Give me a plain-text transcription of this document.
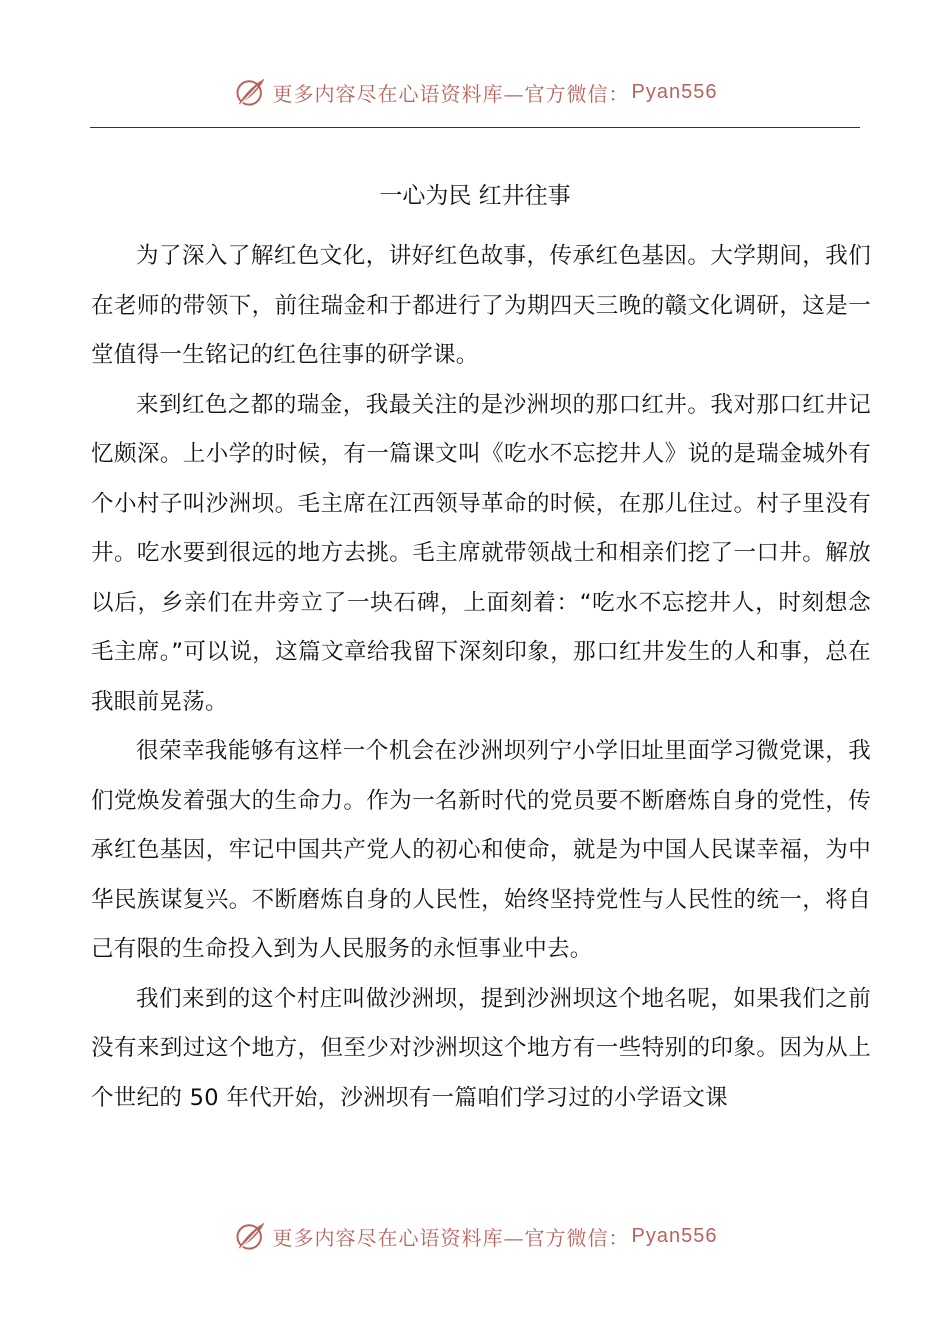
更多内容尽在心语资料库—官方微信： Pyan556
一心为民 红井往事

为了深入了解红色文化，讲好红色故事，传承红色基因。大学期间，我们在老师的带领下，前往瑞金和于都进行了为期四天三晚的赣文化调研，这是一堂值得一生铭记的红色往事的研学课。

来到红色之都的瑞金，我最关注的是沙洲坝的那口红井。我对那口红井记忆颇深。上小学的时候，有一篇课文叫《吃水不忘挖井人》说的是瑞金城外有个小村子叫沙洲坝。毛主席在江西领导革命的时候，在那儿住过。村子里没有井。吃水要到很远的地方去挑。毛主席就带领战士和相亲们挖了一口井。解放以后，乡亲们在井旁立了一块石碑，上面刻着：“吃水不忘挖井人，时刻想念毛主席。”可以说，这篇文章给我留下深刻印象，那口红井发生的人和事，总在我眼前晃荡。

很荣幸我能够有这样一个机会在沙洲坝列宁小学旧址里面学习微党课，我们党焕发着强大的生命力。作为一名新时代的党员要不断磨炼自身的党性，传承红色基因，牢记中国共产党人的初心和使命，就是为中国人民谋幸福，为中华民族谋复兴。不断磨炼自身的人民性，始终坚持党性与人民性的统一，将自己有限的生命投入到为人民服务的永恒事业中去。

我们来到的这个村庄叫做沙洲坝，提到沙洲坝这个地名呢，如果我们之前没有来到过这个地方，但至少对沙洲坝这个地方有一些特别的印象。因为从上个世纪的 50 年代开始，沙洲坝有一篇咱们学习过的小学语文课

更多内容尽在心语资料库—官方微信： Pyan556
